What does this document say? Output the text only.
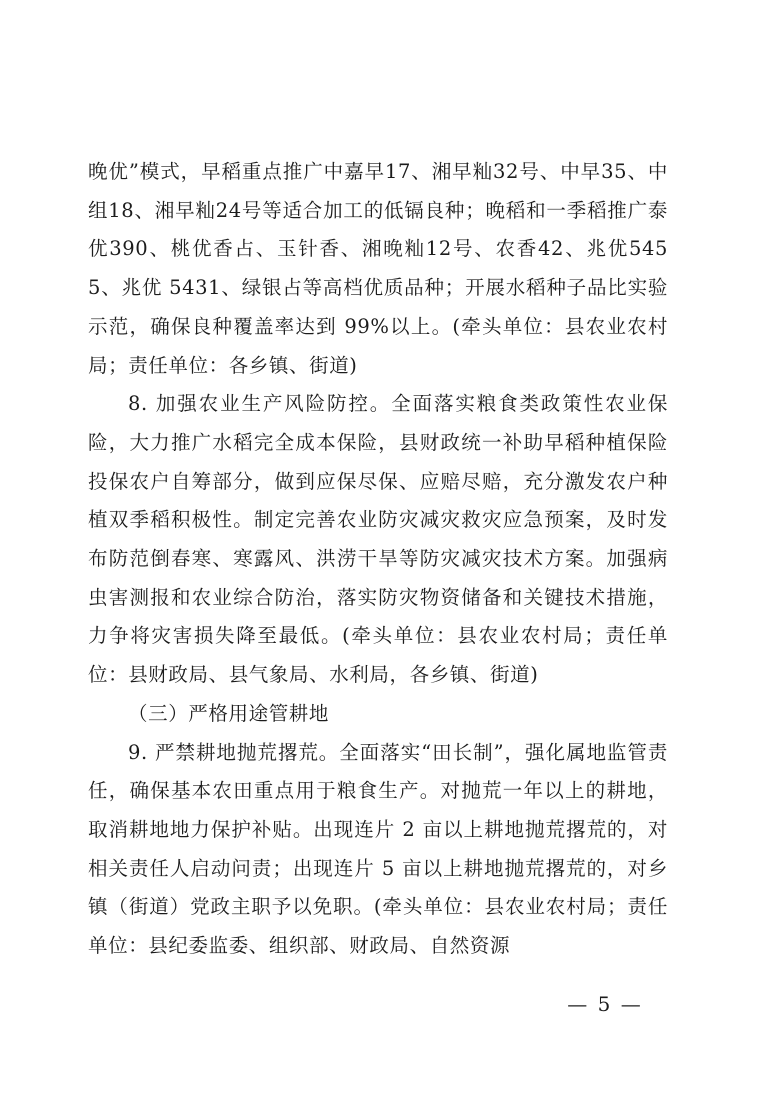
晚优”模式，早稻重点推广中嘉早17、湘早籼32号、中早35、中组18、湘早籼24号等适合加工的低镉良种；晚稻和一季稻推广泰优390、桃优香占、玉针香、湘晚籼12号、农香42、兆优5455、兆优 5431、绿银占等高档优质品种；开展水稻种子品比实验示范，确保良种覆盖率达到 99%以上。(牵头单位：县农业农村局；责任单位：各乡镇、街道)

8. 加强农业生产风险防控。全面落实粮食类政策性农业保险，大力推广水稻完全成本保险，县财政统一补助早稻种植保险投保农户自筹部分，做到应保尽保、应赔尽赔，充分激发农户种植双季稻积极性。制定完善农业防灾减灾救灾应急预案，及时发布防范倒春寒、寒露风、洪涝干旱等防灾减灾技术方案。加强病虫害测报和农业综合防治，落实防灾物资储备和关键技术措施，力争将灾害损失降至最低。(牵头单位：县农业农村局；责任单位：县财政局、县气象局、水利局，各乡镇、街道)

（三）严格用途管耕地

9. 严禁耕地抛荒撂荒。全面落实“田长制”，强化属地监管责任，确保基本农田重点用于粮食生产。对抛荒一年以上的耕地，取消耕地地力保护补贴。出现连片 2 亩以上耕地抛荒撂荒的，对相关责任人启动问责；出现连片 5 亩以上耕地抛荒撂荒的，对乡镇（街道）党政主职予以免职。(牵头单位：县农业农村局；责任单位：县纪委监委、组织部、财政局、自然资源

— 5 —
